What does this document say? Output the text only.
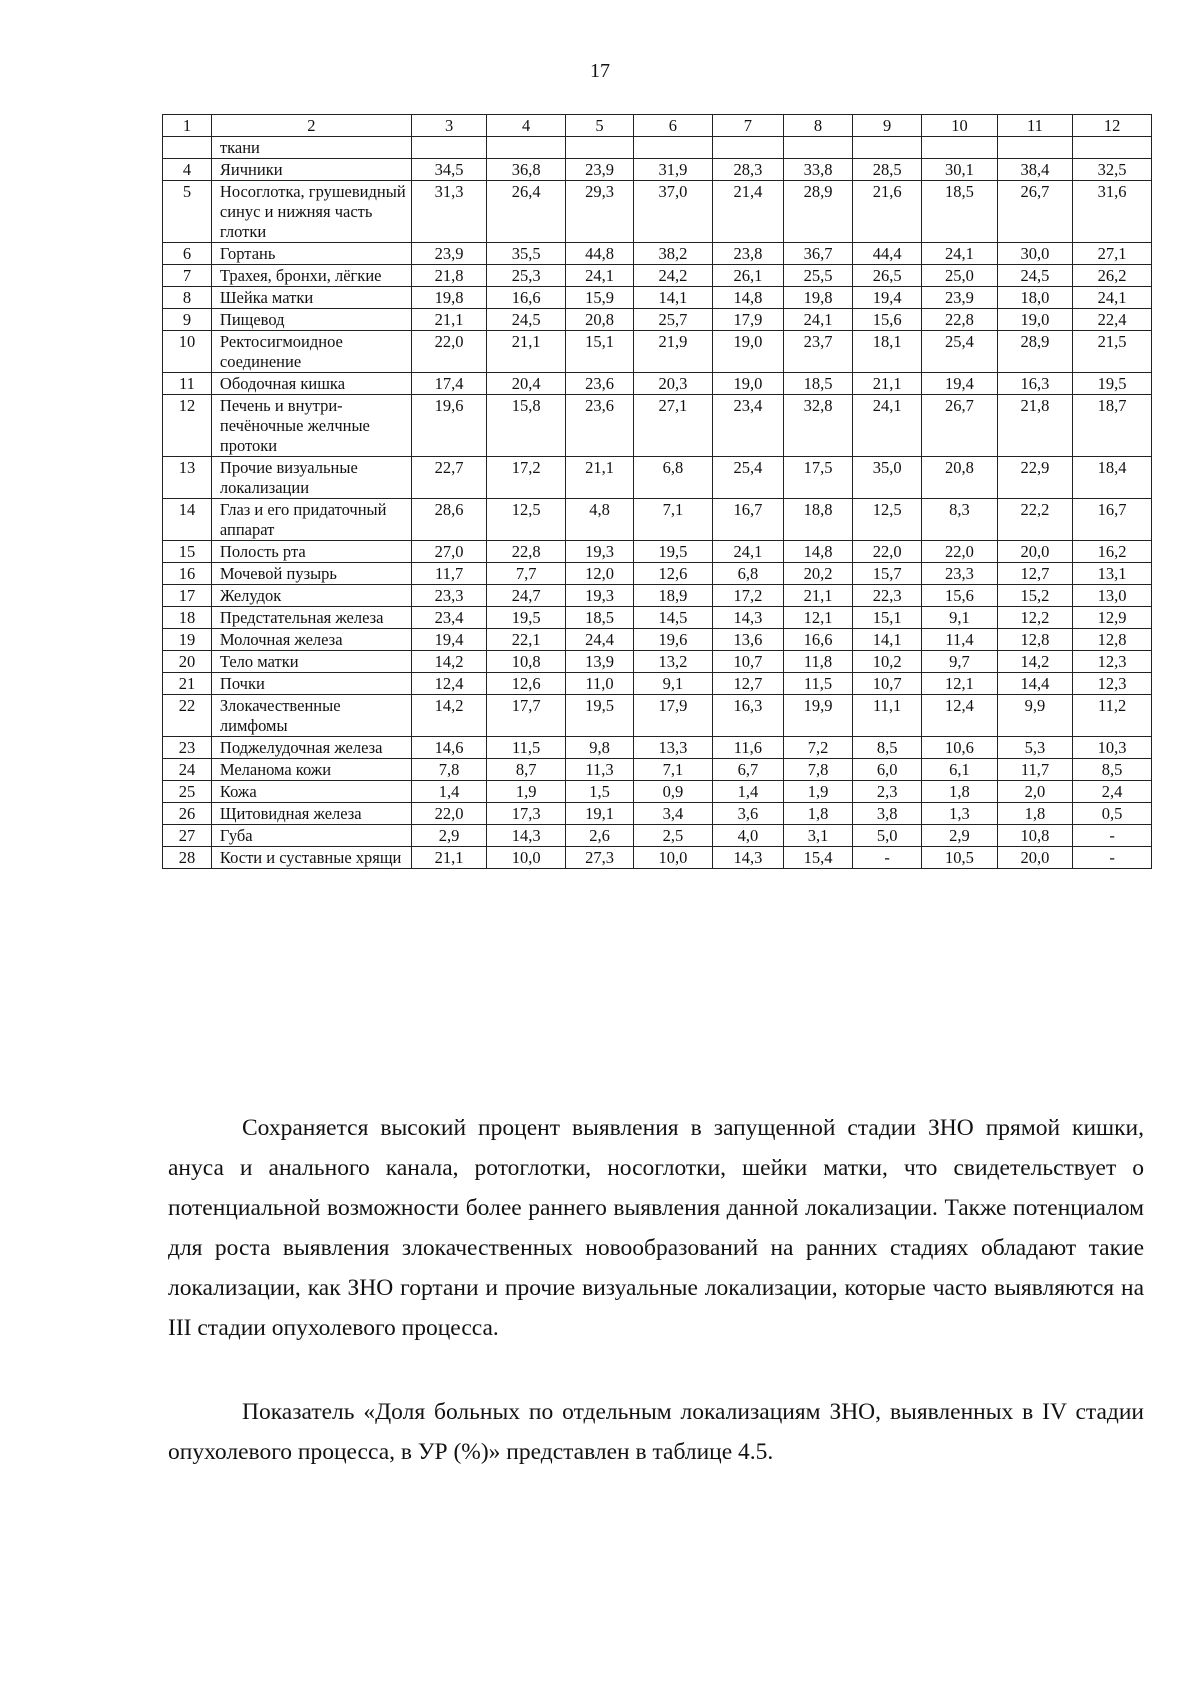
17
1	2	3	4	5	6	7	8	9	10	11	12
	ткани										
4	Яичники	34,5	36,8	23,9	31,9	28,3	33,8	28,5	30,1	38,4	32,5
5	Носоглотка, грушевидный синус и нижняя часть глотки	31,3	26,4	29,3	37,0	21,4	28,9	21,6	18,5	26,7	31,6
6	Гортань	23,9	35,5	44,8	38,2	23,8	36,7	44,4	24,1	30,0	27,1
7	Трахея, бронхи, лёгкие	21,8	25,3	24,1	24,2	26,1	25,5	26,5	25,0	24,5	26,2
8	Шейка матки	19,8	16,6	15,9	14,1	14,8	19,8	19,4	23,9	18,0	24,1
9	Пищевод	21,1	24,5	20,8	25,7	17,9	24,1	15,6	22,8	19,0	22,4
10	Ректосигмоидное соединение	22,0	21,1	15,1	21,9	19,0	23,7	18,1	25,4	28,9	21,5
11	Ободочная кишка	17,4	20,4	23,6	20,3	19,0	18,5	21,1	19,4	16,3	19,5
12	Печень и внутри-печёночные желчные протоки	19,6	15,8	23,6	27,1	23,4	32,8	24,1	26,7	21,8	18,7
13	Прочие визуальные локализации	22,7	17,2	21,1	6,8	25,4	17,5	35,0	20,8	22,9	18,4
14	Глаз и его придаточный аппарат	28,6	12,5	4,8	7,1	16,7	18,8	12,5	8,3	22,2	16,7
15	Полость рта	27,0	22,8	19,3	19,5	24,1	14,8	22,0	22,0	20,0	16,2
16	Мочевой пузырь	11,7	7,7	12,0	12,6	6,8	20,2	15,7	23,3	12,7	13,1
17	Желудок	23,3	24,7	19,3	18,9	17,2	21,1	22,3	15,6	15,2	13,0
18	Предстательная железа	23,4	19,5	18,5	14,5	14,3	12,1	15,1	9,1	12,2	12,9
19	Молочная железа	19,4	22,1	24,4	19,6	13,6	16,6	14,1	11,4	12,8	12,8
20	Тело матки	14,2	10,8	13,9	13,2	10,7	11,8	10,2	9,7	14,2	12,3
21	Почки	12,4	12,6	11,0	9,1	12,7	11,5	10,7	12,1	14,4	12,3
22	Злокачественные лимфомы	14,2	17,7	19,5	17,9	16,3	19,9	11,1	12,4	9,9	11,2
23	Поджелудочная железа	14,6	11,5	9,8	13,3	11,6	7,2	8,5	10,6	5,3	10,3
24	Меланома кожи	7,8	8,7	11,3	7,1	6,7	7,8	6,0	6,1	11,7	8,5
25	Кожа	1,4	1,9	1,5	0,9	1,4	1,9	2,3	1,8	2,0	2,4
26	Щитовидная железа	22,0	17,3	19,1	3,4	3,6	1,8	3,8	1,3	1,8	0,5
27	Губа	2,9	14,3	2,6	2,5	4,0	3,1	5,0	2,9	10,8	-
28	Кости и суставные хрящи	21,1	10,0	27,3	10,0	14,3	15,4	-	10,5	20,0	-

Сохраняется высокий процент выявления в запущенной стадии ЗНО прямой кишки, ануса и анального канала, ротоглотки, носоглотки, шейки матки, что свидетельствует о потенциальной возможности более раннего выявления данной локализации. Также потенциалом для роста выявления злокачественных новообразований на ранних стадиях обладают такие локализации, как ЗНО гортани и прочие визуальные локализации, которые часто выявляются на III стадии опухолевого процесса.

Показатель «Доля больных по отдельным локализациям ЗНО, выявленных в IV стадии опухолевого процесса, в УР (%)» представлен в таблице 4.5.
